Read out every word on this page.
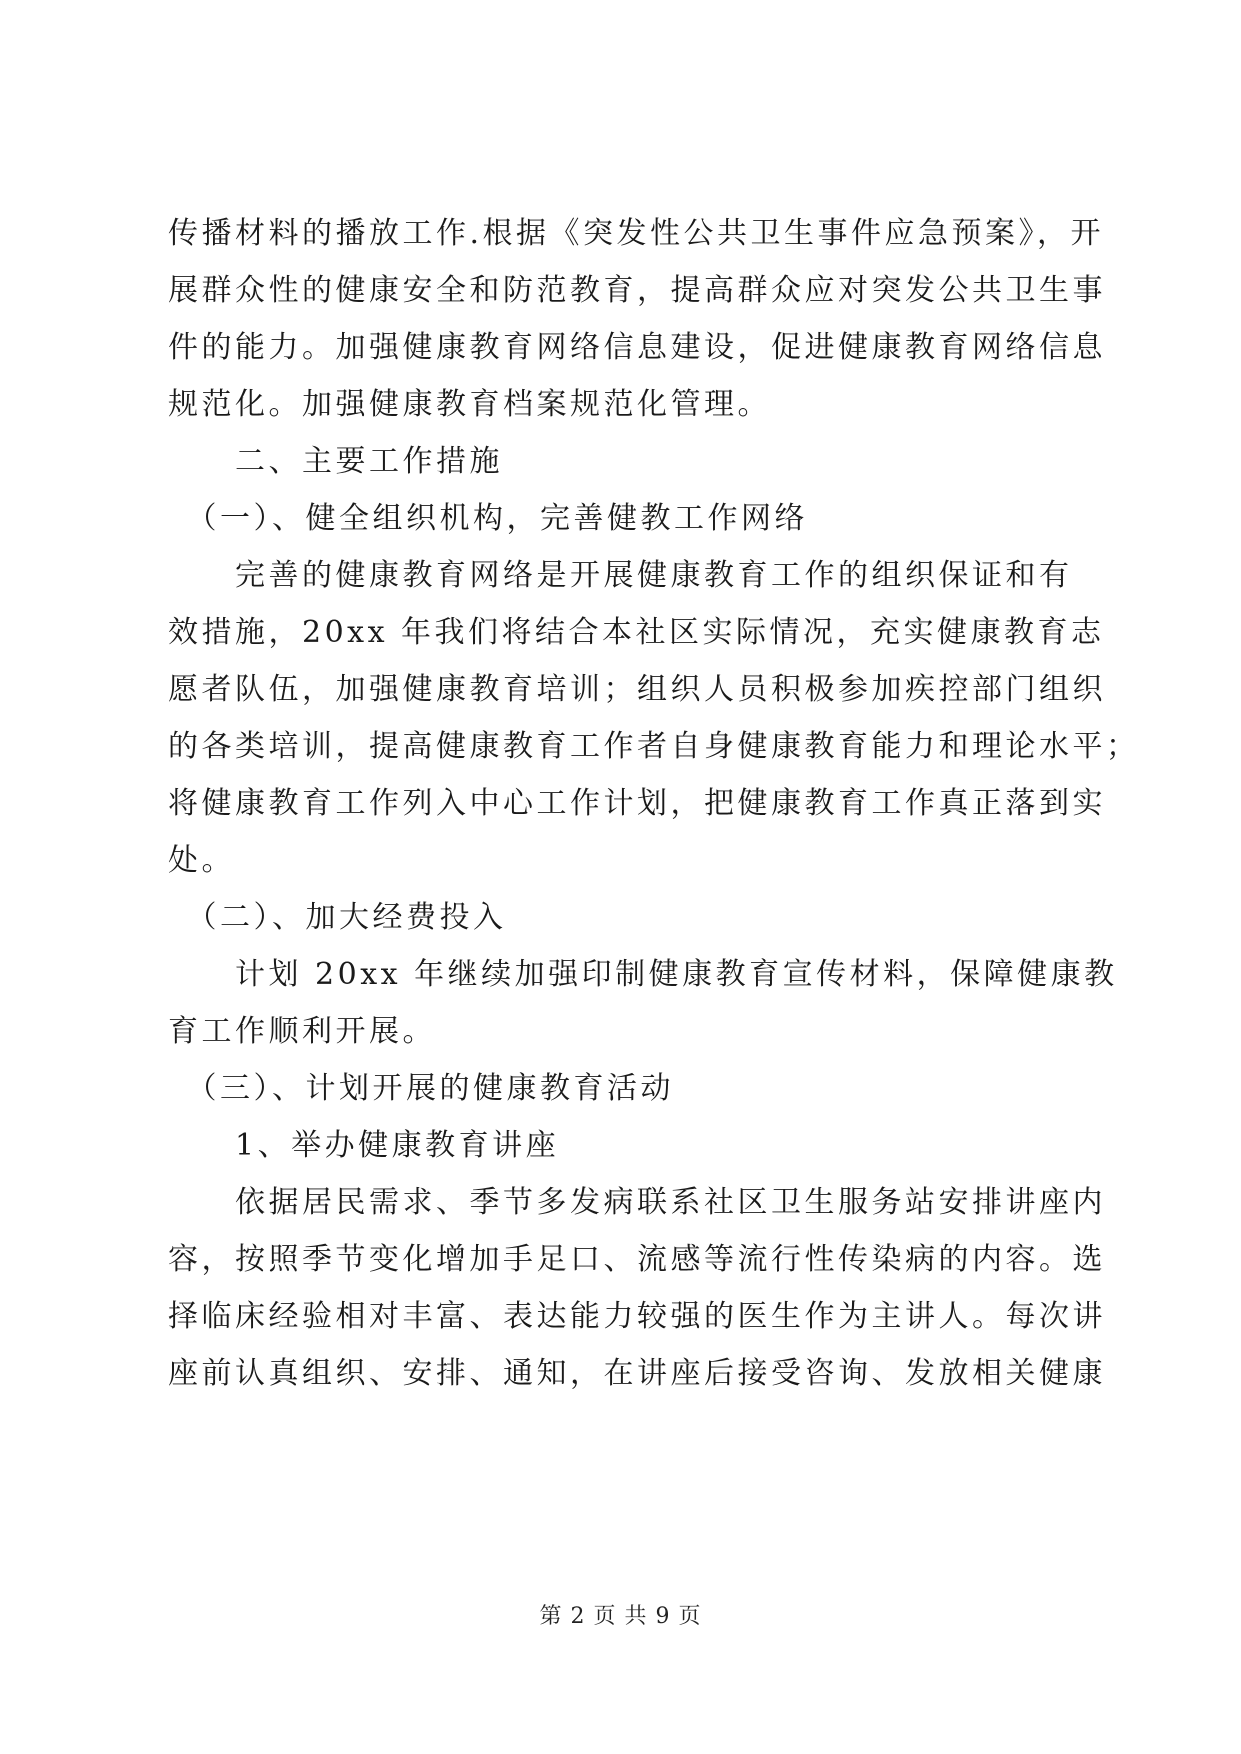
传播材料的播放工作.根据《突发性公共卫生事件应急预案》，开
展群众性的健康安全和防范教育，提高群众应对突发公共卫生事
件的能力。加强健康教育网络信息建设，促进健康教育网络信息
规范化。加强健康教育档案规范化管理。
　　二、主要工作措施
　（一）、健全组织机构，完善健教工作网络
　　完善的健康教育网络是开展健康教育工作的组织保证和有
效措施，20xx 年我们将结合本社区实际情况，充实健康教育志
愿者队伍，加强健康教育培训；组织人员积极参加疾控部门组织
的各类培训，提高健康教育工作者自身健康教育能力和理论水平；
将健康教育工作列入中心工作计划，把健康教育工作真正落到实
处。
　（二）、加大经费投入
　　计划 20xx 年继续加强印制健康教育宣传材料，保障健康教
育工作顺利开展。
　（三）、计划开展的健康教育活动
　　1、举办健康教育讲座
　　依据居民需求、季节多发病联系社区卫生服务站安排讲座内
容，按照季节变化增加手足口、流感等流行性传染病的内容。选
择临床经验相对丰富、表达能力较强的医生作为主讲人。每次讲
座前认真组织、安排、通知，在讲座后接受咨询、发放相关健康
第 2 页 共 9 页
